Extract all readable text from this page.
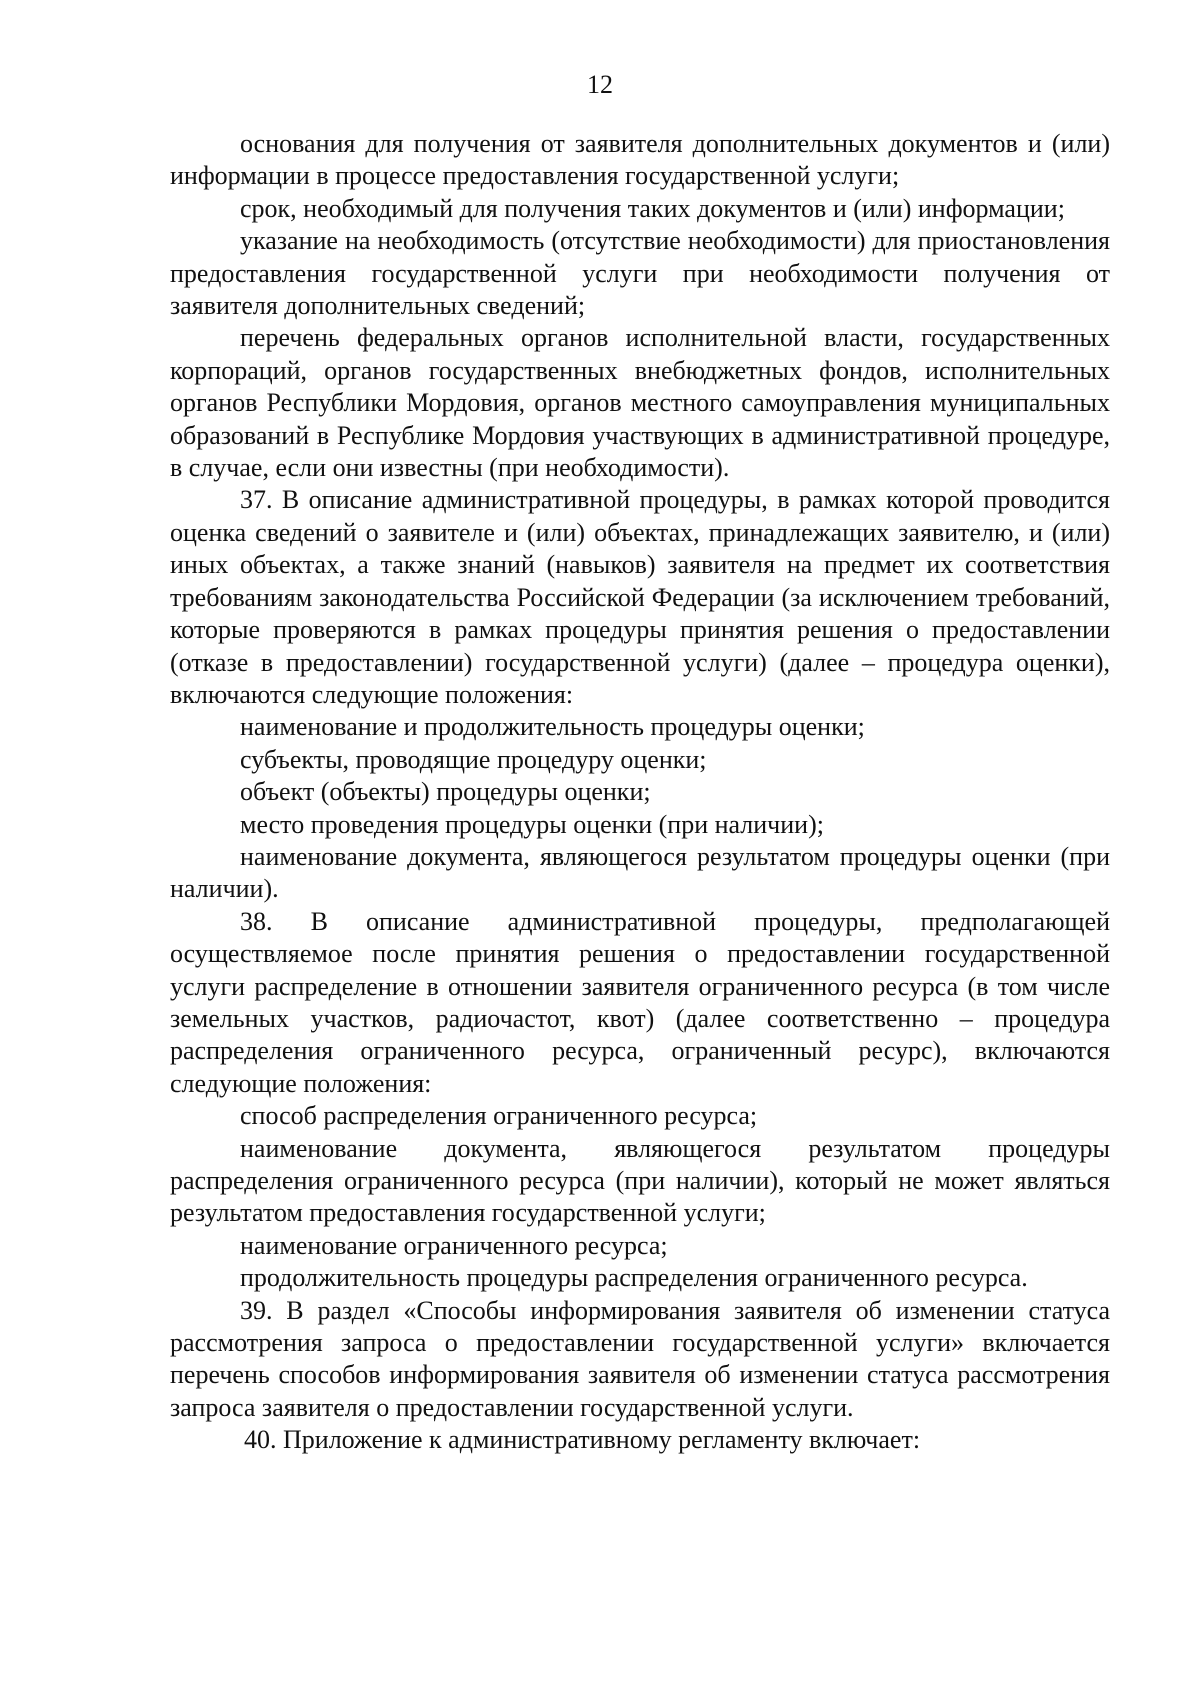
12

основания для получения от заявителя дополнительных документов и (или) информации в процессе предоставления государственной услуги;

срок, необходимый для получения таких документов и (или) информации;

указание на необходимость (отсутствие необходимости) для приостановления предоставления государственной услуги при необходимости получения от заявителя дополнительных сведений;

перечень федеральных органов исполнительной власти, государственных корпораций, органов государственных внебюджетных фондов, исполнительных органов Республики Мордовия, органов местного самоуправления муниципальных образований в Республике Мордовия участвующих в административной процедуре, в случае, если они известны (при необходимости).

37. В описание административной процедуры, в рамках которой проводится оценка сведений о заявителе и (или) объектах, принадлежащих заявителю, и (или) иных объектах, а также знаний (навыков) заявителя на предмет их соответствия требованиям законодательства Российской Федерации (за исключением требований, которые проверяются в рамках процедуры принятия решения о предоставлении (отказе в предоставлении) государственной услуги) (далее – процедура оценки), включаются следующие положения:

наименование и продолжительность процедуры оценки;

субъекты, проводящие процедуру оценки;

объект (объекты) процедуры оценки;

место проведения процедуры оценки (при наличии);

наименование документа, являющегося результатом процедуры оценки (при наличии).

38. В описание административной процедуры, предполагающей осуществляемое после принятия решения о предоставлении государственной услуги распределение в отношении заявителя ограниченного ресурса (в том числе земельных участков, радиочастот, квот) (далее соответственно – процедура распределения ограниченного ресурса, ограниченный ресурс), включаются следующие положения:

способ распределения ограниченного ресурса;

наименование документа, являющегося результатом процедуры распределения ограниченного ресурса (при наличии), который не может являться результатом предоставления государственной услуги;

наименование ограниченного ресурса;

продолжительность процедуры распределения ограниченного ресурса.

39. В раздел «Способы информирования заявителя об изменении статуса рассмотрения запроса о предоставлении государственной услуги» включается перечень способов информирования заявителя об изменении статуса рассмотрения запроса заявителя о предоставлении государственной услуги.

40. Приложение к административному регламенту включает:
